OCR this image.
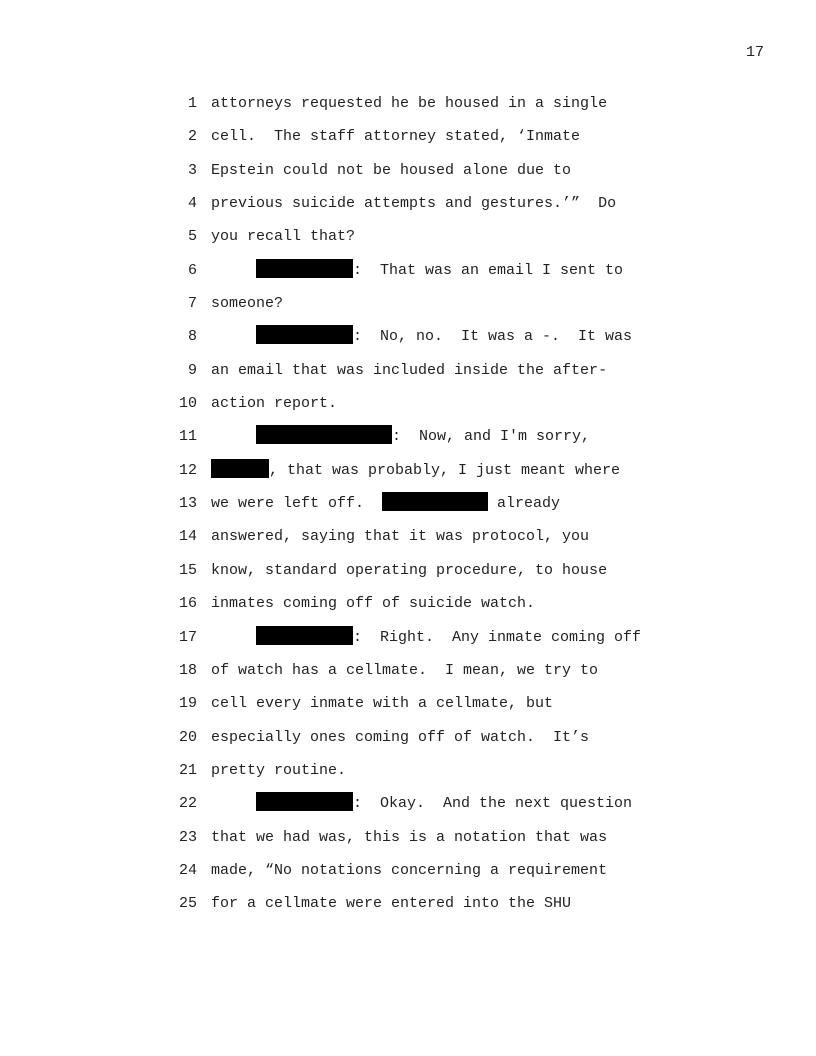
17
1 attorneys requested he be housed in a single
2 cell.  The staff attorney stated, ‘Inmate
3 Epstein could not be housed alone due to
4 previous suicide attempts and gestures.’”  Do
5 you recall that?
6	:  That was an email I sent to
7 someone?
8	:  No, no.  It was a -.  It was
9 an email that was included inside the after-
10 action report.
11	:  Now, and I'm sorry,
12	, that was probably, I just meant where
13 we were left off.	already
14 answered, saying that it was protocol, you
15 know, standard operating procedure, to house
16 inmates coming off of suicide watch.
17	:  Right.  Any inmate coming off
18 of watch has a cellmate.  I mean, we try to
19 cell every inmate with a cellmate, but
20 especially ones coming off of watch.  It’s
21 pretty routine.
22	:  Okay.  And the next question
23 that we had was, this is a notation that was
24 made, “No notations concerning a requirement
25 for a cellmate were entered into the SHU
